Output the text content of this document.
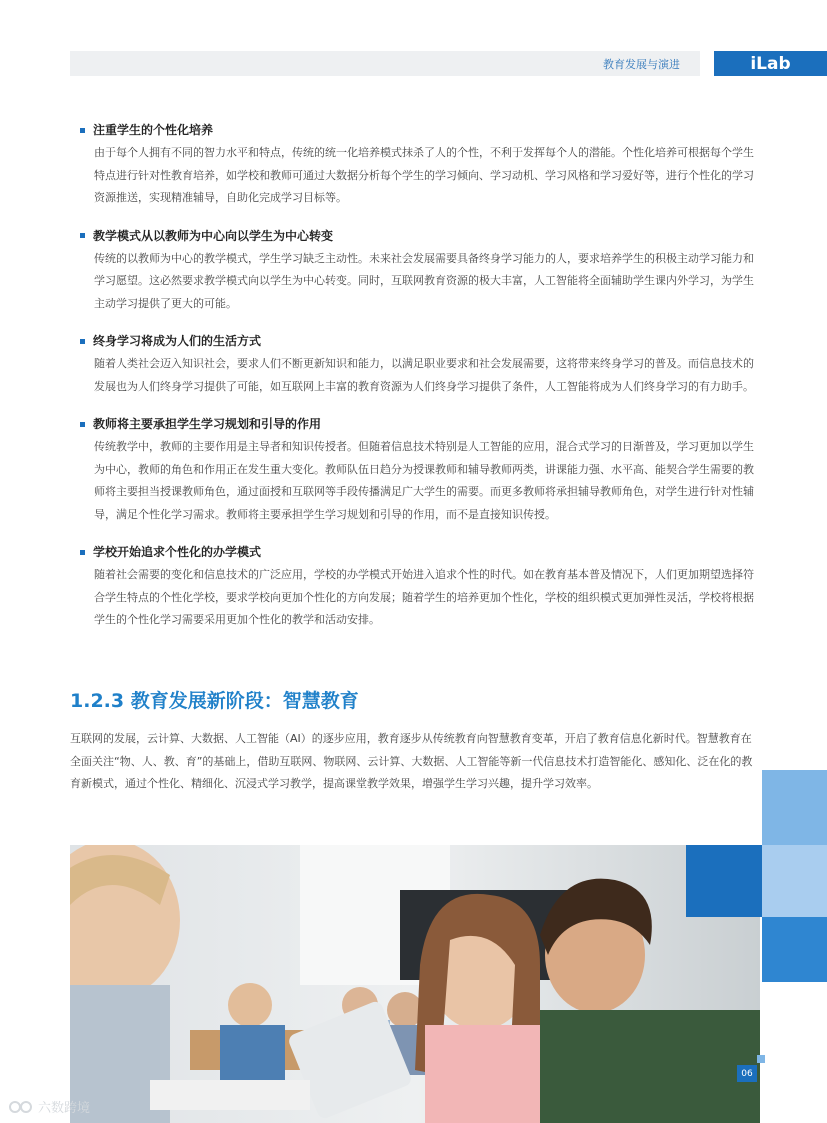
教育发展与演进	iLab
注重学生的个性化培养
由于每个人拥有不同的智力水平和特点，传统的统一化培养模式抹杀了人的个性，不利于发挥每个人的潜能。个性化培养可根据每个学生特点进行针对性教育培养，如学校和教师可通过大数据分析每个学生的学习倾向、学习动机、学习风格和学习爱好等，进行个性化的学习资源推送，实现精准辅导，自助化完成学习目标等。
教学模式从以教师为中心向以学生为中心转变
传统的以教师为中心的教学模式，学生学习缺乏主动性。未来社会发展需要具备终身学习能力的人，要求培养学生的积极主动学习能力和学习愿望。这必然要求教学模式向以学生为中心转变。同时，互联网教育资源的极大丰富，人工智能将全面辅助学生课内外学习，为学生主动学习提供了更大的可能。
终身学习将成为人们的生活方式
随着人类社会迈入知识社会，要求人们不断更新知识和能力，以满足职业要求和社会发展需要，这将带来终身学习的普及。而信息技术的发展也为人们终身学习提供了可能，如互联网上丰富的教育资源为人们终身学习提供了条件，人工智能将成为人们终身学习的有力助手。
教师将主要承担学生学习规划和引导的作用
传统教学中，教师的主要作用是主导者和知识传授者。但随着信息技术特别是人工智能的应用，混合式学习的日渐普及，学习更加以学生为中心，教师的角色和作用正在发生重大变化。教师队伍日趋分为授课教师和辅导教师两类，讲课能力强、水平高、能契合学生需要的教师将主要担当授课教师角色，通过面授和互联网等手段传播满足广大学生的需要。而更多教师将承担辅导教师角色，对学生进行针对性辅导，满足个性化学习需求。教师将主要承担学生学习规划和引导的作用，而不是直接知识传授。
学校开始追求个性化的办学模式
随着社会需要的变化和信息技术的广泛应用，学校的办学模式开始进入追求个性的时代。如在教育基本普及情况下，人们更加期望选择符合学生特点的个性化学校，要求学校向更加个性化的方向发展；随着学生的培养更加个性化，学校的组织模式更加弹性灵活，学校将根据学生的个性化学习需要采用更加个性化的教学和活动安排。
1.2.3 教育发展新阶段：智慧教育
互联网的发展，云计算、大数据、人工智能（AI）的逐步应用，教育逐步从传统教育向智慧教育变革，开启了教育信息化新时代。智慧教育在全面关注“物、人、教、育”的基础上，借助互联网、物联网、云计算、大数据、人工智能等新一代信息技术打造智能化、感知化、泛在化的教育新模式，通过个性化、精细化、沉浸式学习教学，提高课堂教学效果，增强学生学习兴趣，提升学习效率。
06
六数跨境
